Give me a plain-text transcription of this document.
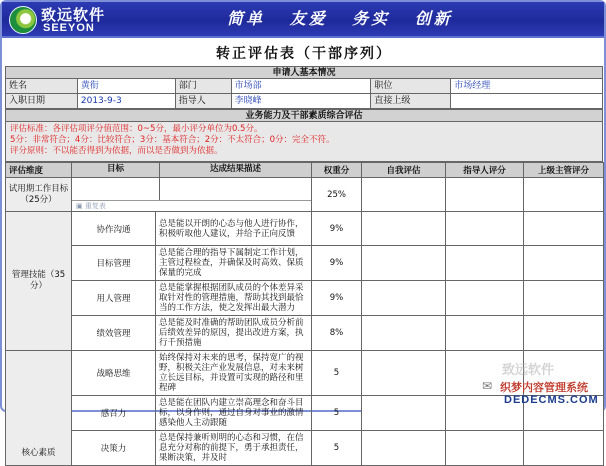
致远软件
SEEYON	简单 友爱 务实 创新
转正评估表（干部序列）
申请人基本情况
姓名	黄衔	部门	市场部	职位	市场经理
入职日期	2013-9-3	指导人	李晓峰	直接上级
业务能力及干部素质综合评估

评估标准：各评估项评分值范围：0~5分，最小评分单位为0.5分。

5分：非常符合；4分：比较符合；3分：基本符合；2分：不太符合；0分：完全不符。

评分原则：不以能否得到为依据，而以是否做到为依据。

评估维度	目标 达成结果描述		权重分	自我评估	指导人评分	上级主管评分
试用期工作目标（25分）	▣ 重复表		25%			
管理技能（35分）	协作沟通	总是能以开朗的心态与他人进行协作，积极听取他人建议，并给予正向反馈	9%			
	目标管理	总是能合理的指导下属制定工作计划，主管过程检查，并确保及时高效、保质保量的完成	9%			
	用人管理	总是能掌握根据团队成员的个体差异采取针对性的管理措施，帮助其找到最恰当的工作方法，使之发挥出最大潜力	9%			
	绩效管理	总是能及时准确的帮助团队成员分析前后绩效差异的原因，提出改进方案，执行千预措施	8%			
核心素质	战略思维	始终保持对未来的思考，保持宽广的视野，积极关注产业发展信息，对未来树立长远目标，并设置可实现的路径和里程碑	5			
	感召力	总是能在团队内建立崇高理念和奋斗目标，以身作则，通过自身对事业的激情感染他人主动跟随	5			
	决策力	总是保持兼听则明的心态和习惯，在信息充分对称的前提下，勇于承担责任，果断决策，并及时	5			
致远软件
✉ 织梦内容管理系统
DEDECMS.COM
